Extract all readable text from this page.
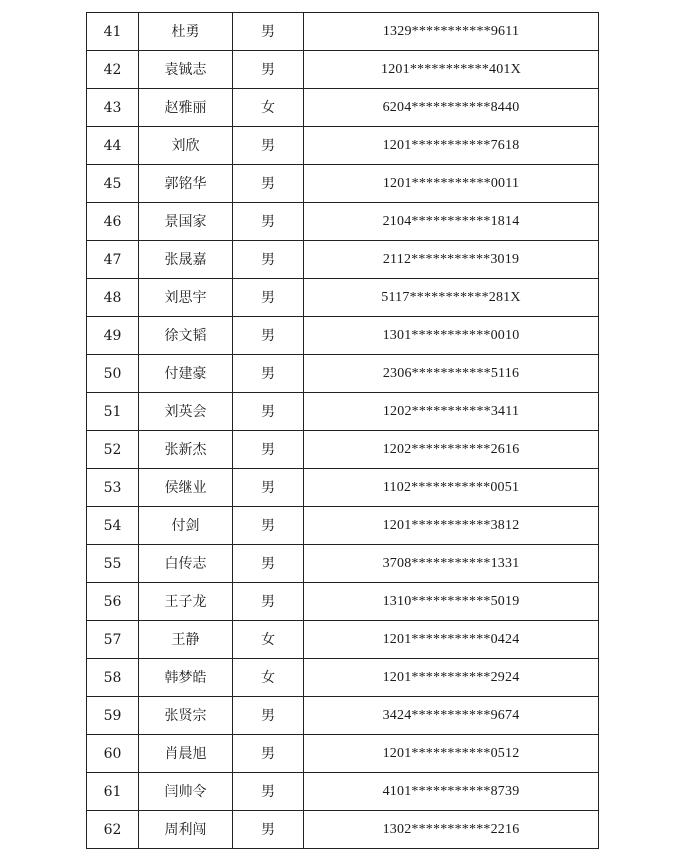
41	杜勇	男	1329***********9611
42	袁铖志	男	1201***********401X
43	赵雅丽	女	6204***********8440
44	刘欣	男	1201***********7618
45	郭铭华	男	1201***********0011
46	景国家	男	2104***********1814
47	张晟嘉	男	2112***********3019
48	刘思宇	男	5117***********281X
49	徐文韬	男	1301***********0010
50	付建豪	男	2306***********5116
51	刘英会	男	1202***********3411
52	张新杰	男	1202***********2616
53	侯继业	男	1102***********0051
54	付剑	男	1201***********3812
55	白传志	男	3708***********1331
56	王子龙	男	1310***********5019
57	王静	女	1201***********0424
58	韩梦皓	女	1201***********2924
59	张贤宗	男	3424***********9674
60	肖晨旭	男	1201***********0512
61	闫帅令	男	4101***********8739
62	周利闯	男	1302***********2216
